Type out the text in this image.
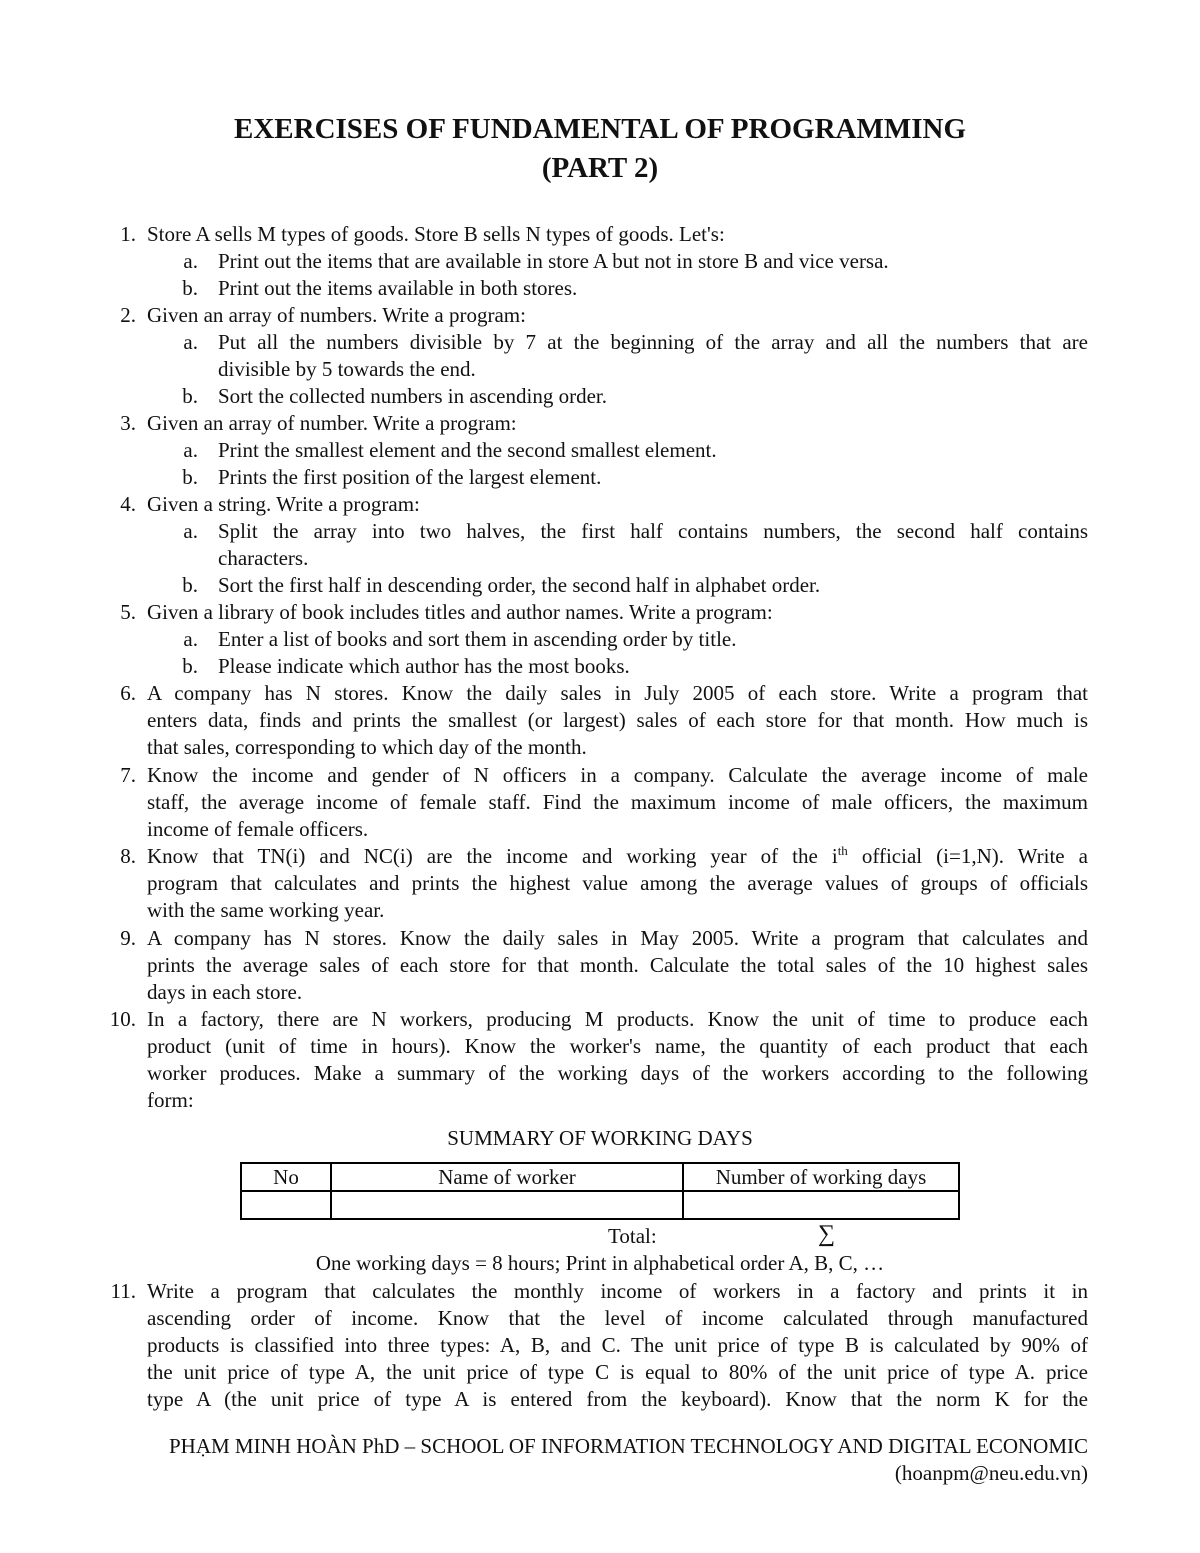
EXERCISES OF FUNDAMENTAL OF PROGRAMMING
(PART 2)
1. Store A sells M types of goods. Store B sells N types of goods. Let's:

a. Print out the items that are available in store A but not in store B and vice versa.

b. Print out the items available in both stores.

2. Given an array of numbers. Write a program:

a. Put all the numbers divisible by 7 at the beginning of the array and all the numbers that are

divisible by 5 towards the end.

b. Sort the collected numbers in ascending order.

3. Given an array of number. Write a program:

a. Print the smallest element and the second smallest element.

b. Prints the first position of the largest element.

4. Given a string. Write a program:

a. Split the array into two halves, the first half contains numbers, the second half contains

characters.

b. Sort the first half in descending order, the second half in alphabet order.

5. Given a library of book includes titles and author names. Write a program:

a. Enter a list of books and sort them in ascending order by title.

b. Please indicate which author has the most books.

6. A company has N stores. Know the daily sales in July 2005 of each store. Write a program that

enters data, finds and prints the smallest (or largest) sales of each store for that month. How much is

that sales, corresponding to which day of the month.

7. Know the income and gender of N officers in a company. Calculate the average income of male

staff, the average income of female staff. Find the maximum income of male officers, the maximum

income of female officers.

8. Know that TN(i) and NC(i) are the income and working year of the $i^{th}$ official (i=1,N). Write a

program that calculates and prints the highest value among the average values of groups of officials

with the same working year.

9. A company has N stores. Know the daily sales in May 2005. Write a program that calculates and

prints the average sales of each store for that month. Calculate the total sales of the 10 highest sales

days in each store.

10. In a factory, there are N workers, producing M products. Know the unit of time to produce each

product (unit of time in hours). Know the worker's name, the quantity of each product that each

worker produces. Make a summary of the working days of the workers according to the following

form:

SUMMARY OF WORKING DAYS
No	Name of worker	Number of working days

Total:	∑
One working days = 8 hours; Print in alphabetical order A, B, C, …
11. Write a program that calculates the monthly income of workers in a factory and prints it in

ascending order of income. Know that the level of income calculated through manufactured

products is classified into three types: A, B, and C. The unit price of type B is calculated by 90% of

the unit price of type A, the unit price of type C is equal to 80% of the unit price of type A. price

type A (the unit price of type A is entered from the keyboard). Know that the norm K for the

PHẠM MINH HOÀN PhD – SCHOOL OF INFORMATION TECHNOLOGY AND DIGITAL ECONOMIC
(hoanpm@neu.edu.vn)
